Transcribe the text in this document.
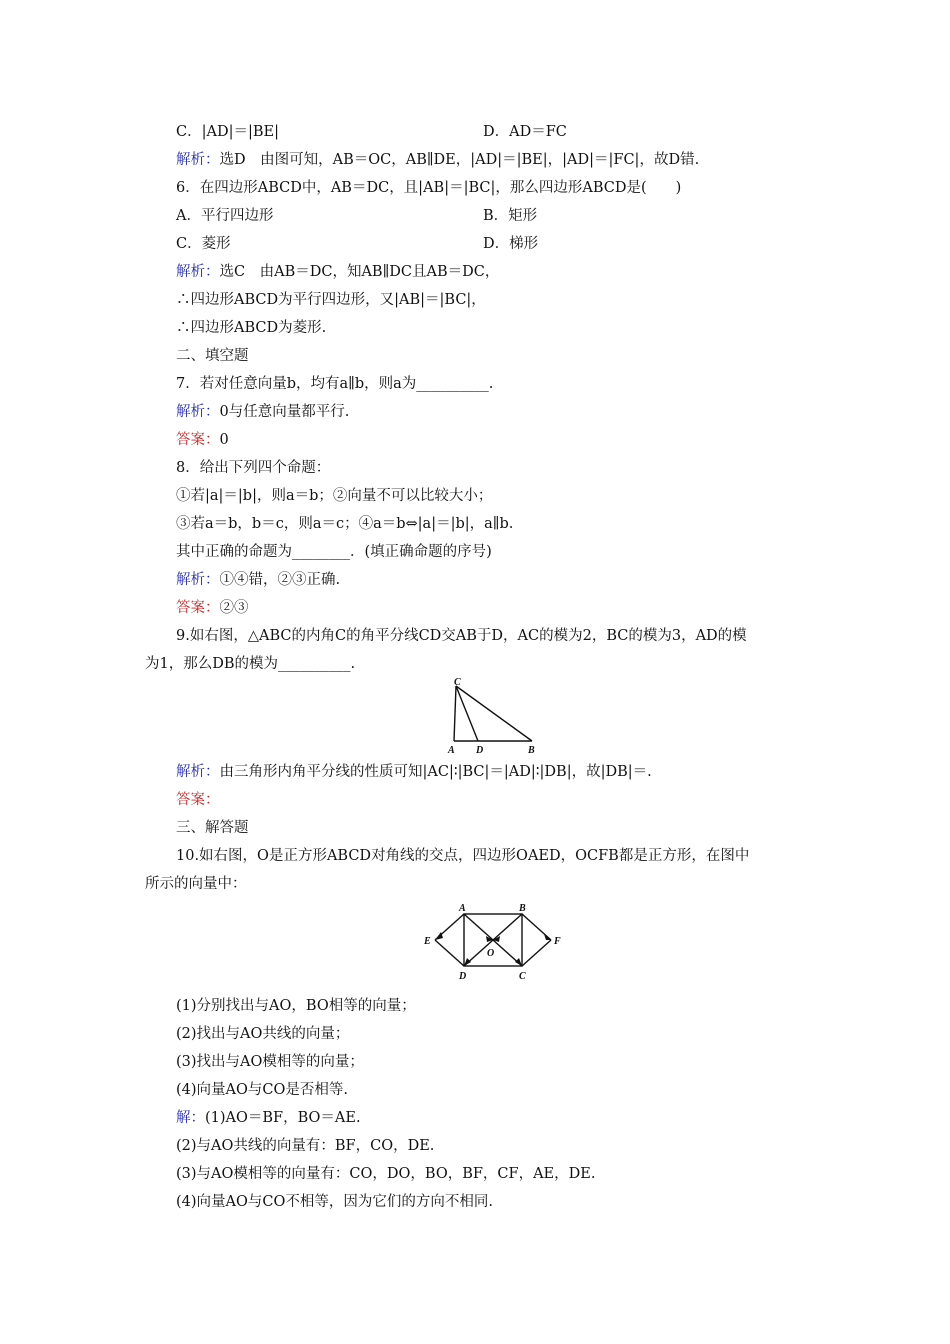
C．|AD|＝|BE|	D．AD＝FC
解析：选D　由图可知，AB＝OC，AB∥DE，|AD|＝|BE|，|AD|＝|FC|，故D错.
6．在四边形ABCD中，AB＝DC，且|AB|＝|BC|，那么四边形ABCD是(　　)
A．平行四边形	B．矩形
C．菱形	D．梯形
解析：选C　由AB＝DC，知AB∥DC且AB＝DC，
∴四边形ABCD为平行四边形，又|AB|＝|BC|，
∴四边形ABCD为菱形.
二、填空题
7．若对任意向量b，均有a∥b，则a为__________.
解析：0与任意向量都平行.
答案：0
8．给出下列四个命题：
①若|a|＝|b|，则a＝b；②向量不可以比较大小；
③若a＝b，b＝c，则a＝c；④a＝b⇔|a|＝|b|，a∥b.
其中正确的命题为________．(填正确命题的序号)
解析：①④错，②③正确.
答案：②③
9.如右图，△ABC的内角C的角平分线CD交AB于D，AC的模为2，BC的模为3，AD的模
为1，那么DB的模为__________.
C
A D	B
解析：由三角形内角平分线的性质可知|AC|∶|BC|＝|AD|∶|DB|，故|DB|＝.
答案：
三、解答题
10.如右图，O是正方形ABCD对角线的交点，四边形OAED，OCFB都是正方形，在图中
所示的向量中：
A	B
C
D
E	F
O
(1)分别找出与AO，BO相等的向量；
(2)找出与AO共线的向量；
(3)找出与AO模相等的向量；
(4)向量AO与CO是否相等.
解：(1)AO＝BF，BO＝AE.
(2)与AO共线的向量有：BF，CO，DE.
(3)与AO模相等的向量有：CO，DO，BO，BF，CF，AE，DE.
(4)向量AO与CO不相等，因为它们的方向不相同.
